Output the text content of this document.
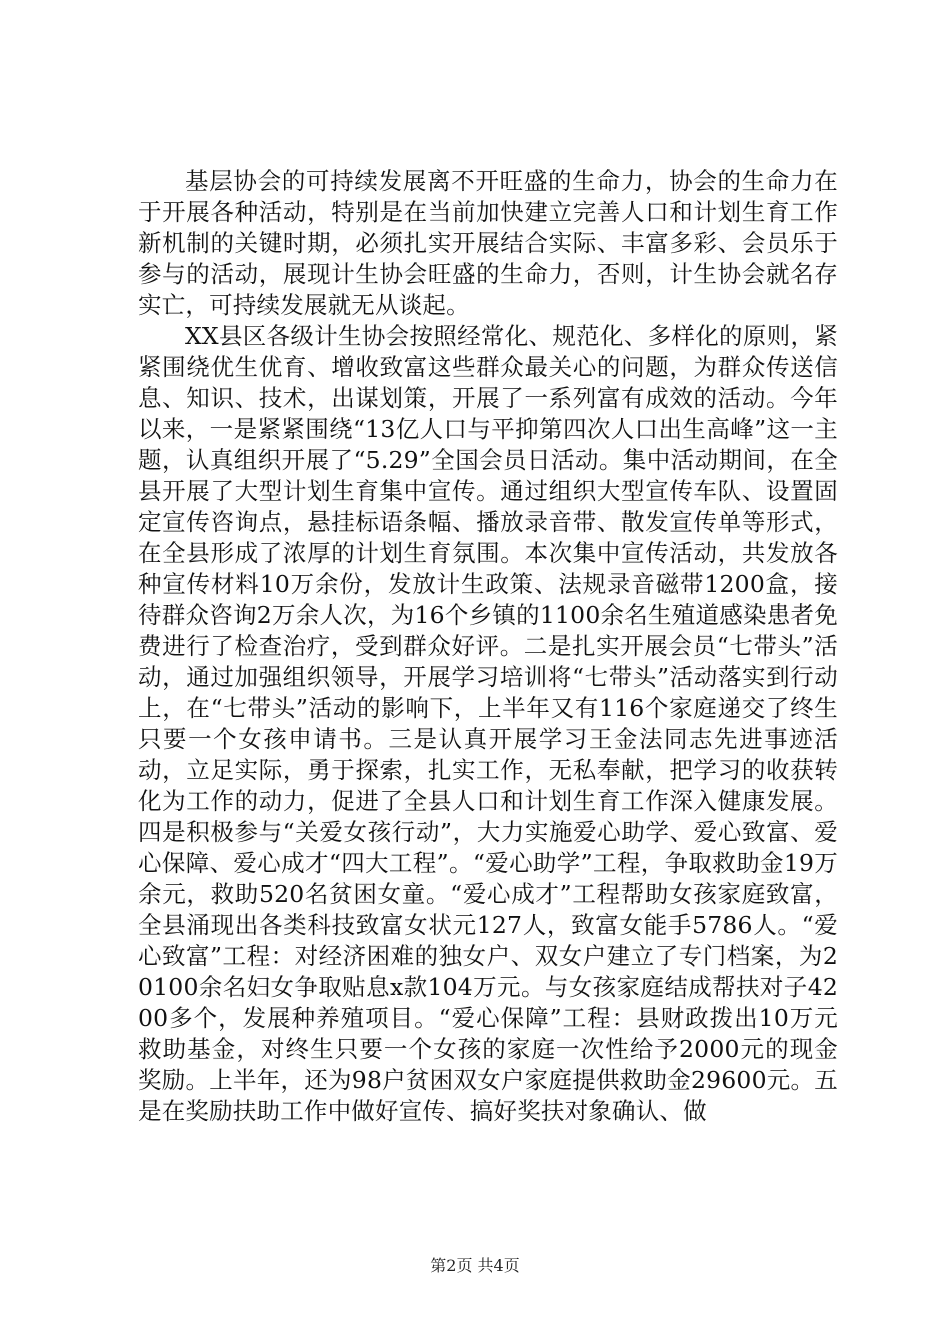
基层协会的可持续发展离不开旺盛的生命力，协会的生命力在于开展各种活动，特别是在当前加快建立完善人口和计划生育工作新机制的关键时期，必须扎实开展结合实际、丰富多彩、会员乐于参与的活动，展现计生协会旺盛的生命力，否则，计生协会就名存实亡，可持续发展就无从谈起。

XX县区各级计生协会按照经常化、规范化、多样化的原则，紧紧围绕优生优育、增收致富这些群众最关心的问题，为群众传送信息、知识、技术，出谋划策，开展了一系列富有成效的活动。今年以来，一是紧紧围绕“13亿人口与平抑第四次人口出生高峰”这一主题，认真组织开展了“5.29”全国会员日活动。集中活动期间，在全县开展了大型计划生育集中宣传。通过组织大型宣传车队、设置固定宣传咨询点，悬挂标语条幅、播放录音带、散发宣传单等形式，在全县形成了浓厚的计划生育氛围。本次集中宣传活动，共发放各种宣传材料10万余份，发放计生政策、法规录音磁带1200盒，接待群众咨询2万余人次，为16个乡镇的1100余名生殖道感染患者免费进行了检查治疗，受到群众好评。二是扎实开展会员“七带头”活动，通过加强组织领导，开展学习培训将“七带头”活动落实到行动上，在“七带头”活动的影响下，上半年又有116个家庭递交了终生只要一个女孩申请书。三是认真开展学习王金法同志先进事迹活动，立足实际，勇于探索，扎实工作，无私奉献，把学习的收获转化为工作的动力，促进了全县人口和计划生育工作深入健康发展。四是积极参与“关爱女孩行动”，大力实施爱心助学、爱心致富、爱心保障、爱心成才“四大工程”。“爱心助学”工程，争取救助金19万余元，救助520名贫困女童。“爱心成才”工程帮助女孩家庭致富，全县涌现出各类科技致富女状元127人，致富女能手5786人。“爱心致富”工程：对经济困难的独女户、双女户建立了专门档案，为20100余名妇女争取贴息x款104万元。与女孩家庭结成帮扶对子4200多个，发展种养殖项目。“爱心保障”工程：县财政拨出10万元救助基金，对终生只要一个女孩的家庭一次性给予2000元的现金奖励。上半年，还为98户贫困双女户家庭提供救助金29600元。五是在奖励扶助工作中做好宣传、搞好奖扶对象确认、做

第2页 共4页
